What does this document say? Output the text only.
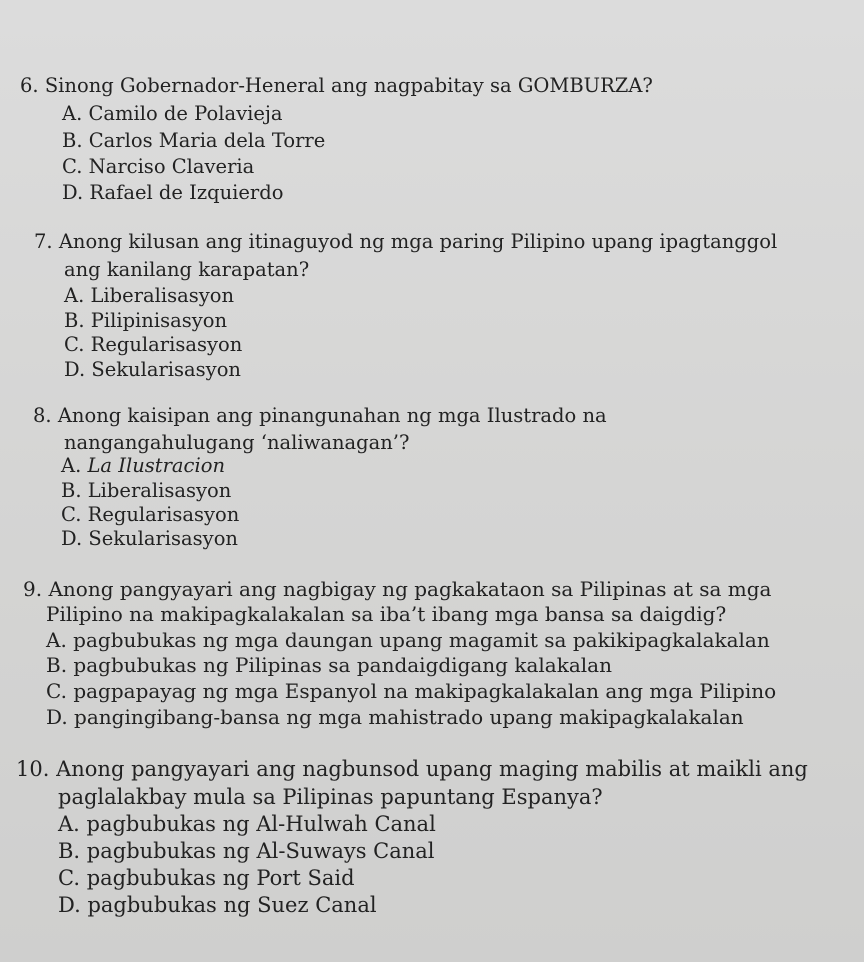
6. Sinong Gobernador-Heneral ang nagpabitay sa GOMBURZA?
A. Camilo de Polavieja
B. Carlos Maria dela Torre
C. Narciso Claveria
D. Rafael de Izquierdo
7. Anong kilusan ang itinaguyod ng mga paring Pilipino upang ipagtanggol
ang kanilang karapatan?
A. Liberalisasyon
B. Pilipinisasyon
C. Regularisasyon
D. Sekularisasyon
8. Anong kaisipan ang pinangunahan ng mga Ilustrado na
nangangahulugang ‘naliwanagan’?
A. La Ilustracion
B. Liberalisasyon
C. Regularisasyon
D. Sekularisasyon
9. Anong pangyayari ang nagbigay ng pagkakataon sa Pilipinas at sa mga
Pilipino na makipagkalakalan sa iba’t ibang mga bansa sa daigdig?
A. pagbubukas ng mga daungan upang magamit sa pakikipagkalakalan
B. pagbubukas ng Pilipinas sa pandaigdigang kalakalan
C. pagpapayag ng mga Espanyol na makipagkalakalan ang mga Pilipino
D. pangingibang-bansa ng mga mahistrado upang makipagkalakalan
10. Anong pangyayari ang nagbunsod upang maging mabilis at maikli ang
paglalakbay mula sa Pilipinas papuntang Espanya?
A. pagbubukas ng Al-Hulwah Canal
B. pagbubukas ng Al-Suways Canal
C. pagbubukas ng Port Said
D. pagbubukas ng Suez Canal
